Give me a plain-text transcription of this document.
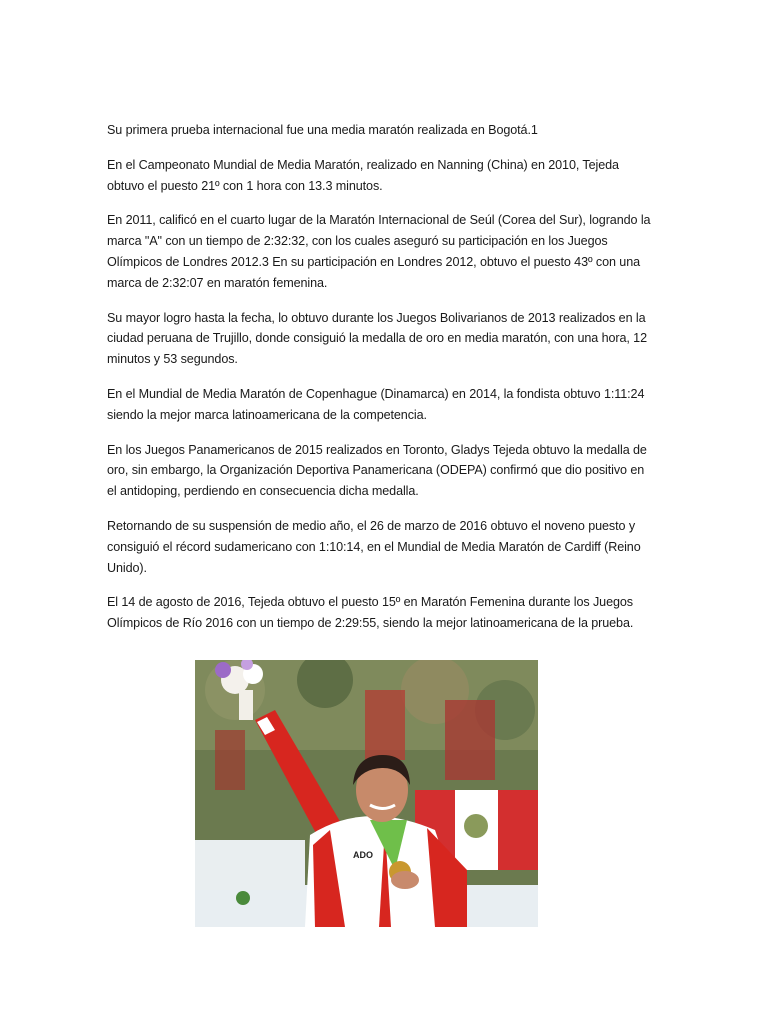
Su primera prueba internacional fue una media maratón realizada en Bogotá.1

En el Campeonato Mundial de Media Maratón, realizado en Nanning (China) en 2010, Tejeda obtuvo el puesto 21º con 1 hora con 13.3 minutos.

En 2011, calificó en el cuarto lugar de la Maratón Internacional de Seúl (Corea del Sur), logrando la marca "A" con un tiempo de 2:32:32, con los cuales aseguró su participación en los Juegos Olímpicos de Londres 2012.3 En su participación en Londres 2012, obtuvo el puesto 43º con una marca de 2:32:07 en maratón femenina.

Su mayor logro hasta la fecha, lo obtuvo durante los Juegos Bolivarianos de 2013 realizados en la ciudad peruana de Trujillo, donde consiguió la medalla de oro en media maratón, con una hora, 12 minutos y 53 segundos.

En el Mundial de Media Maratón de Copenhague (Dinamarca) en 2014, la fondista obtuvo 1:11:24 siendo la mejor marca latinoamericana de la competencia.

En los Juegos Panamericanos de 2015 realizados en Toronto, Gladys Tejeda obtuvo la medalla de oro, sin embargo, la Organización Deportiva Panamericana (ODEPA) confirmó que dio positivo en el antidoping, perdiendo en consecuencia dicha medalla.

Retornando de su suspensión de medio año, el 26 de marzo de 2016 obtuvo el noveno puesto y consiguió el récord sudamericano con 1:10:14, en el Mundial de Media Maratón de Cardiff (Reino Unido).

El 14 de agosto de 2016, Tejeda obtuvo el puesto 15º en Maratón Femenina durante los Juegos Olímpicos de Río 2016 con un tiempo de 2:29:55, siendo la mejor latinoamericana de la prueba.

ADO
